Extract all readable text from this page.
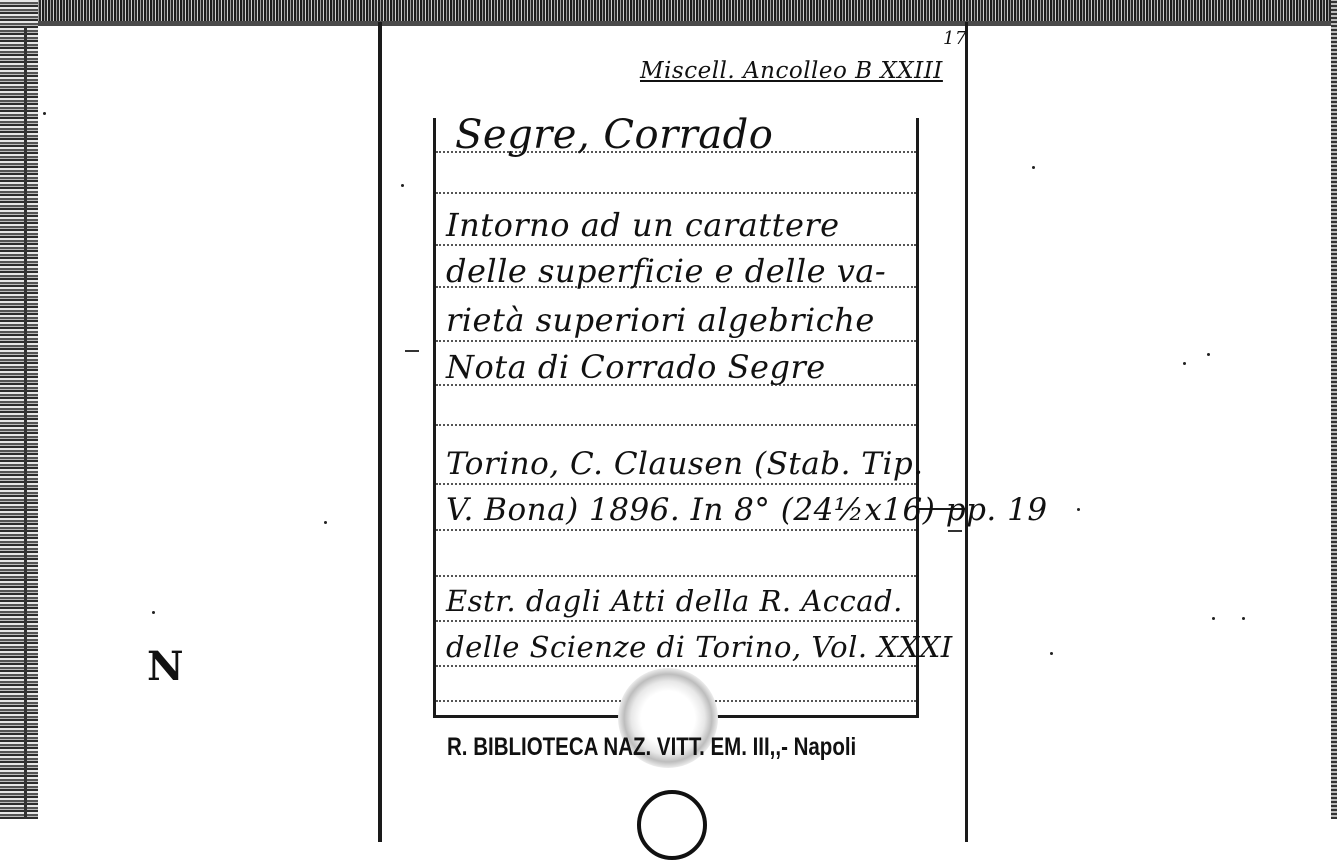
N
Miscell. Ancolleo B XXIII
17
Segre, Corrado
Intorno ad un carattere
delle superficie e delle va-
rietà superiori algebriche
Nota di Corrado Segre
Torino, C. Clausen (Stab. Tip.
V. Bona) 1896. In 8° (24½x16) pp. 19
Estr. dagli Atti della R. Accad.
delle Scienze di Torino, Vol. XXXI
R. BIBLIOTECA NAZ. VITT. EM. III,,- Napoli
